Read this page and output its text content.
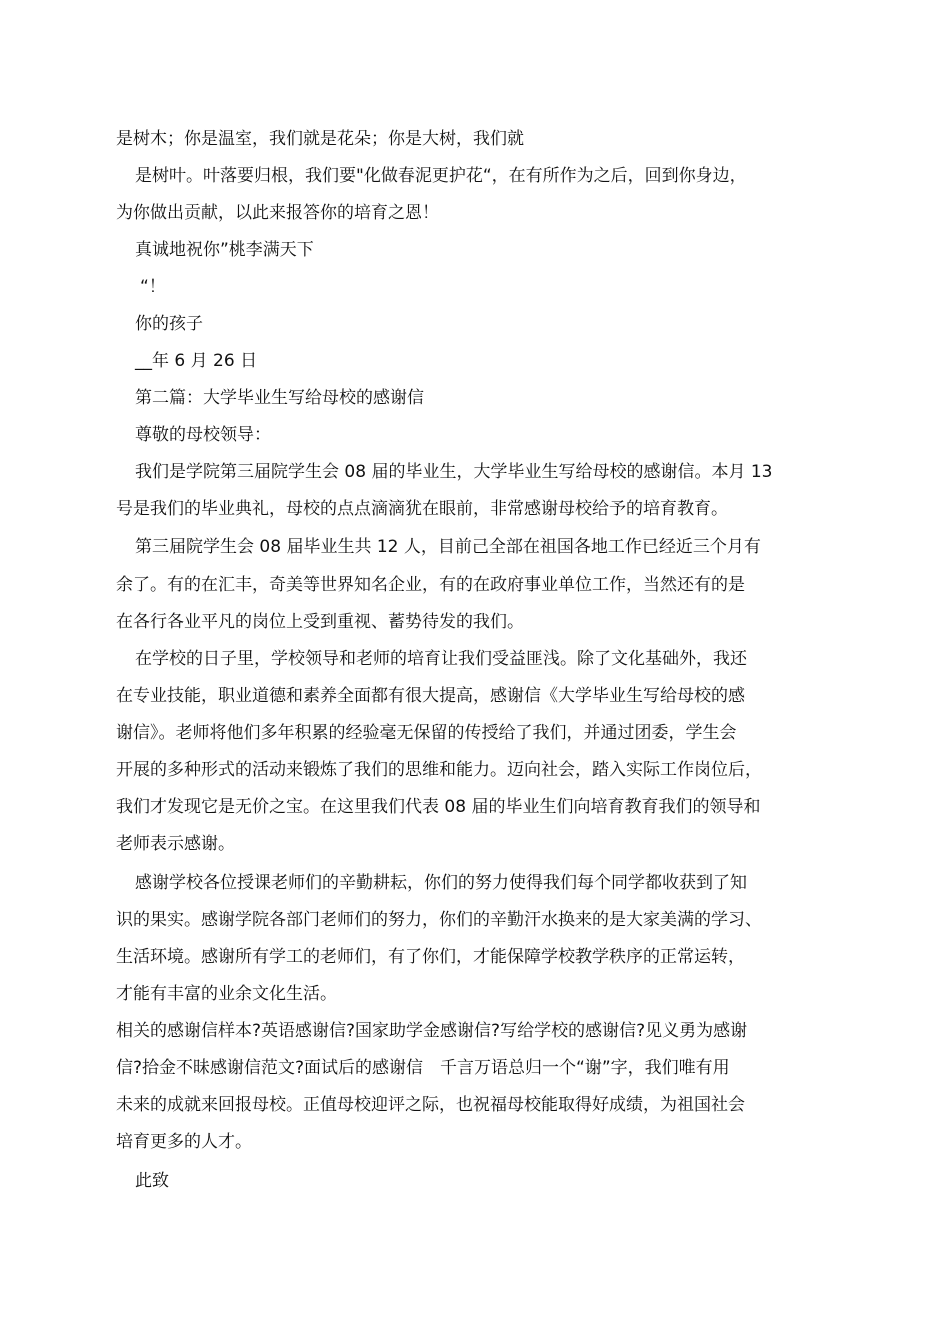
是树木；你是温室，我们就是花朵；你是大树，我们就

是树叶。叶落要归根，我们要"化做春泥更护花“，在有所作为之后，回到你身边，

为你做出贡献，以此来报答你的培育之恩！

真诚地祝你”桃李满天下

“！

你的孩子

__年 6 月 26 日

第二篇：大学毕业生写给母校的感谢信

尊敬的母校领导：

我们是学院第三届院学生会 08 届的毕业生，大学毕业生写给母校的感谢信。本月 13

号是我们的毕业典礼，母校的点点滴滴犹在眼前，非常感谢母校给予的培育教育。

第三届院学生会 08 届毕业生共 12 人，目前己全部在祖国各地工作已经近三个月有

余了。有的在汇丰，奇美等世界知名企业，有的在政府事业单位工作，当然还有的是

在各行各业平凡的岗位上受到重视、蓄势待发的我们。

在学校的日子里，学校领导和老师的培育让我们受益匪浅。除了文化基础外，我还

在专业技能，职业道德和素养全面都有很大提高，感谢信《大学毕业生写给母校的感

谢信》。老师将他们多年积累的经验毫无保留的传授给了我们，并通过团委，学生会

开展的多种形式的活动来锻炼了我们的思维和能力。迈向社会，踏入实际工作岗位后，

我们才发现它是无价之宝。在这里我们代表 08 届的毕业生们向培育教育我们的领导和

老师表示感谢。

感谢学校各位授课老师们的辛勤耕耘，你们的努力使得我们每个同学都收获到了知

识的果实。感谢学院各部门老师们的努力，你们的辛勤汗水换来的是大家美满的学习、

生活环境。感谢所有学工的老师们，有了你们，才能保障学校教学秩序的正常运转，

才能有丰富的业余文化生活。

相关的感谢信样本?英语感谢信?国家助学金感谢信?写给学校的感谢信?见义勇为感谢

信?拾金不昧感谢信范文?面试后的感谢信　千言万语总归一个“谢”字，我们唯有用

未来的成就来回报母校。正值母校迎评之际，也祝福母校能取得好成绩，为祖国社会

培育更多的人才。

此致
